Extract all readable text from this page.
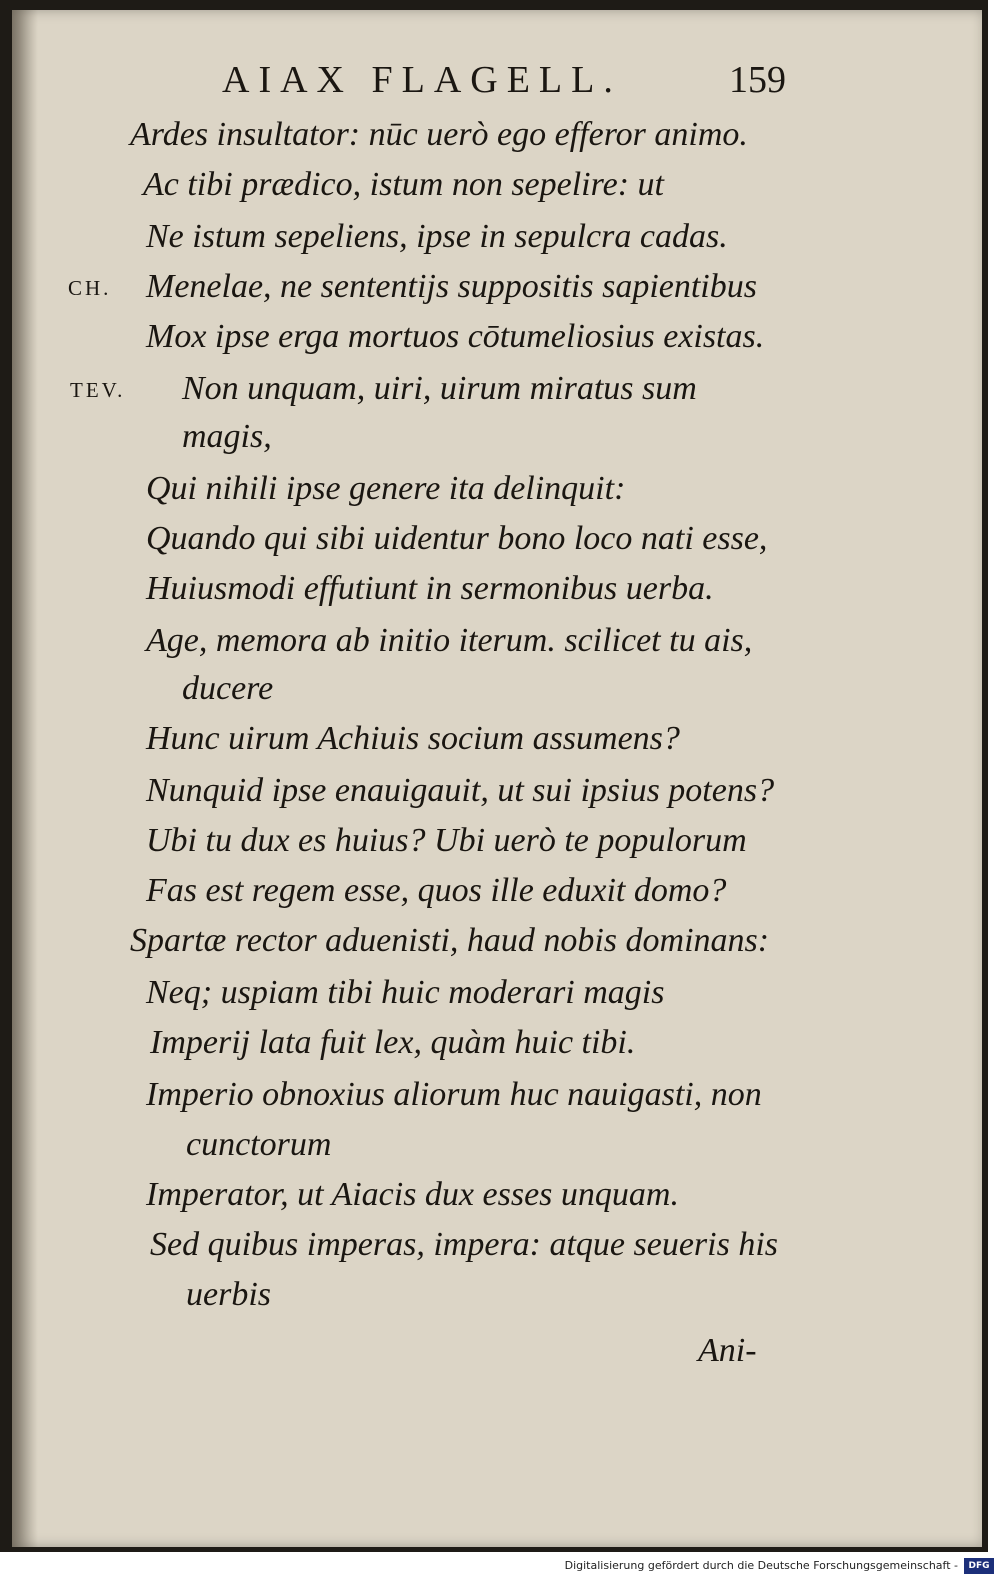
AIAX FLAGELL.	159
Ardes insultator: nūc uerò ego efferor animo.
Ac tibi prædico, istum non sepelire: ut
Ne istum sepeliens, ipse in sepulcra cadas.
CH. Menelae, ne sententijs suppositis sapientibus
Mox ipse erga mortuos cōtumeliosius existas.
TEV. Non unquam, uiri, uirum miratus sum
magis,
Qui nihili ipse genere ita delinquit:
Quando qui sibi uidentur bono loco nati esse,
Huiusmodi effutiunt in sermonibus uerba.
Age, memora ab initio iterum. scilicet tu ais,
ducere
Hunc uirum Achiuis socium assumens?
Nunquid ipse enauigauit, ut sui ipsius potens?
Ubi tu dux es huius? Ubi uerò te populorum
Fas est regem esse, quos ille eduxit domo?
Spartæ rector aduenisti, haud nobis dominans:
Neq; uspiam tibi huic moderari magis
Imperij lata fuit lex, quàm huic tibi.
Imperio obnoxius aliorum huc nauigasti, non
cunctorum
Imperator, ut Aiacis dux esses unquam.
Sed quibus imperas, impera: atque seueris his
uerbis
Ani-
Digitalisierung gefördert durch die Deutsche Forschungsgemeinschaft -	DFG
